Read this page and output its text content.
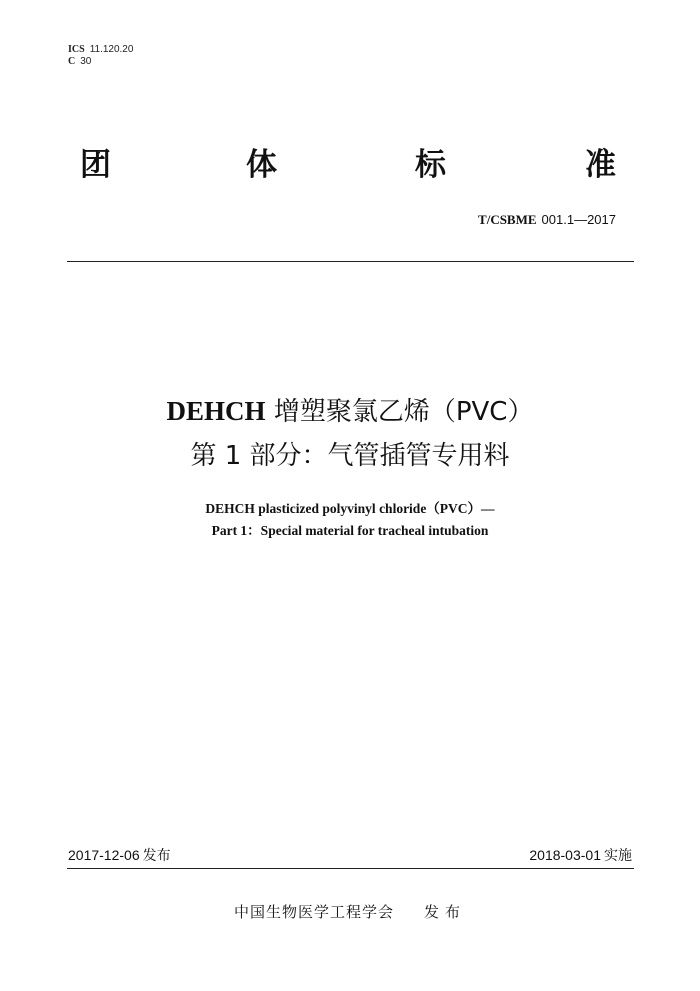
ICS 11.120.20
C 30
团	体	标	准
T/CSBME 001.1—2017
DEHCH 增塑聚氯乙烯（PVC）
第 1 部分：气管插管专用料
DEHCH plasticized polyvinyl chloride（PVC）—
Part 1：Special material for tracheal intubation
2017-12-06 发布	2018-03-01 实施
中国生物医学工程学会 发布
